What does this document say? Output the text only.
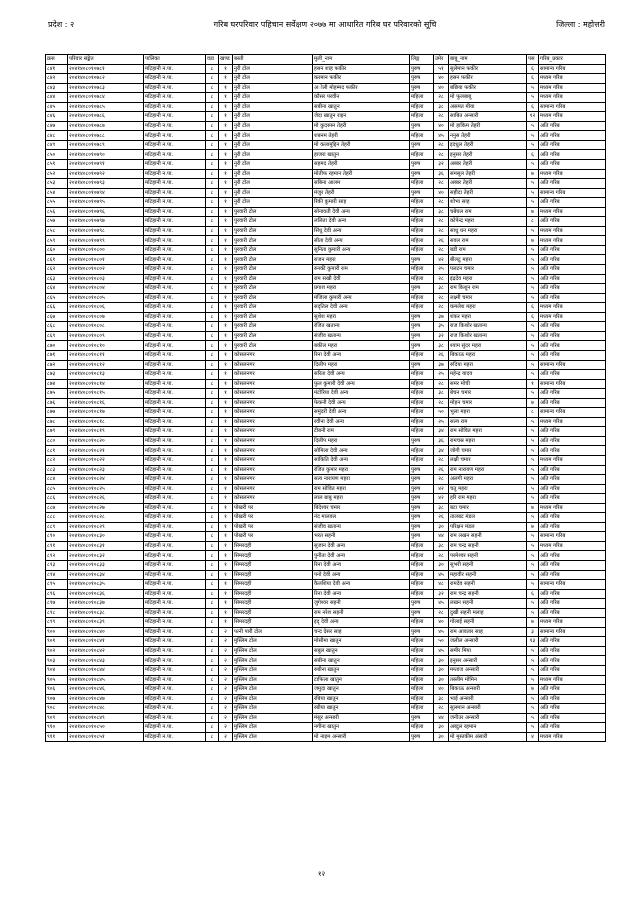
प्रदेश : २	गरिब घरपरिवार पहिचान सर्वेक्षण २०७७ मा आधारित गरिब घर परिवारको सूचि	जिल्ला : महोत्तरी
क्रस	परिवार संङ्केत	पालिका	वडा	खण्ड	बस्ती	मुली_नाम	लिङ्ग	उमेर	बाबु_नाम	पस	गरिब_प्रकार
८४१	२०४१४०८०१०७८१	मटिहानी न.पा.	८	१	नुरी टोल	हसन शाह फकीर	पुरुष	५१	सुलेमान फकीर	६	सामान्य गरिब
८४२	२०४१४०८०१०७८२	मटिहानी न.पा.	८	१	नुरी टोल	करमान फकीर	पुरुष	४०	हसन फकीर	६	मध्यम गरिब
८४३	२०४१४०८०१०७८३	मटिहानी न.पा.	८	१	नुरी टोल	अोली मोहम्मद फकीर	पुरुष	४०	बछिया फकीर	५	मध्यम गरिब
८४४	२०४१४०८०१०७८४	मटिहानी न.पा.	८	१	नुरी टोल	कौसर परवीन	महिला	२८	मो फूलबाबू	५	मध्यम गरिब
८४५	२०४१४०८०१०७८५	मटिहानी न.पा.	८	१	नुरी टोल	सबीना खातुन	महिला	३८	असमत मीया	६	सामान्य गरिब
८४६	२०४१४०८०१०७८६	मटिहानी न.पा.	८	१	नुरी टोल	जेदा खातुन राइन	महिला	२८	साबित अन्सारी	१२	मध्यम गरिब
८४७	२०४१४०८०१०७८७	मटिहानी न.पा.	८	१	नुरी टोल	मो कुदरुस्न तेहरी	पुरुष	४०	मो हाकिम तेहरी	५	अति गरिब
८४८	२०४१४०८०१०७८८	मटिहानी न.पा.	८	१	नुरी टोल	शबनम तेहरी	महिला	४५	ननुस तेहरी	५	अति गरिब
८४९	२०४१४०८०१०७८९	मटिहानी न.पा.	८	१	नुरी टोल	मो कलामुद्दिन तेहरी	पुरुष	२८	इदधुल तेहरी	५	अति गरिब
८५०	२०४१४०८०१०७९०	मटिहानी न.पा.	८	१	नुरी टोल	हाजरा खातुन	महिला	२८	इनुसर तेहरी	६	अति गरिब
८५१	२०४१४०८०१०७९१	मटिहानी न.पा.	८	१	नुरी टोल	सहमद तेहरी	पुरुष	३२	अब्बर तेहरी	५	अति गरिब
८५२	२०४१४०८०१०७९२	मटिहानी न.पा.	८	१	नुरी टोल	मोतीफ रहमान तेहरी	पुरुष	३६	समसूल तेहरी	७	मध्यम गरिब
८५३	२०४१४०८०१०७९३	मटिहानी न.पा.	८	१	नुरी टोल	सबिना आलम	महिला	२८	अब्बर तेहरी	५	अति गरिब
८५४	२०४१४०८०१०७९४	मटिहानी न.पा.	८	१	नुरी टोल	मंजुर तेहरी	पुरुष	४०	सहीदा तेहरी	५	सामान्य गरिब
८५५	२०४१४०८०१०७९५	मटिहानी न.पा.	८	१	नुरी टोल	रिंकी कुमारी साह	महिला	२८	शोभा साह	५	अति गरिब
८५६	२०४१४०८०१०७९६	मटिहानी न.पा.	८	१	पुरवारी टोल	सोनावती देवी अन्य	महिला	३८	चबेघल राम	७	मध्यम गरिब
८५७	२०४१४०८०१०७९७	मटिहानी न.पा.	८	१	पुरवारी टोल	ललिता देवी अन्य	महिला	२८	कोपेन्द्र महरा	८	अति गरिब
८५८	२०४१४०८०१०७९८	मटिहानी न.पा.	८	१	पुरवारी टोल	सिंधु देवी अन्य	महिला	२८	साधु धन महरा	५	मध्यम गरिब
८५९	२०४१४०८०१०७९९	मटिहानी न.पा.	८	१	पुरवारी टोल	सीता देवी अन्य	महिला	२६	सवल राम	७	मध्यम गरिब
८६०	२०४१४०८०१०८००	मटिहानी न.पा.	८	१	पुरवारी टोल	सुनिता कुमारी अन्य	महिला	२८	बडी राम	५	अति गरिब
८६१	२०४१४०८०१०८०१	मटिहानी न.पा.	८	१	पुरवारी टोल	राजन महरा	पुरुष	४२	बीलटु महरा	५	अति गरिब
८६२	२०४१४०८०१०८०२	मटिहानी न.पा.	८	१	पुरवारी टोल	रुनकी कुमारी राम	महिला	२५	पलटन चमार	५	अति गरिब
८६३	२०४१४०८०१०८०३	मटिहानी न.पा.	८	१	पुरवारी टोल	राम सखी देवी	महिला	२८	इंद्रदेव महरा	५	अति गरिब
८६४	२०४१४०८०१०८०४	मटिहानी न.पा.	८	१	पुरवारी टोल	प्रगाश महरा	पुरुष	३८	राम किशुन राम	५	अति गरिब
८६५	२०४१४०८०१०८०५	मटिहानी न.पा.	८	१	पुरवारी टोल	मंजिला कुमारी अन्य	महिला	२८	लक्ष्मी चमार	५	अति गरिब
८६६	२०४१४०८०१०८०६	मटिहानी न.पा.	८	१	पुरवारी टोल	सदृतिल देवी अन्य	महिला	२८	कमलेश महरा	६	मध्यम गरिब
८६७	२०४१४०८०१०८०७	मटिहानी न.पा.	८	१	पुरवारी टोल	सुशेश महरा	पुरुष	३७	शंकर महरा	६	मध्यम गरिब
८६८	२०४१४०८०१०८०८	मटिहानी न.पा.	८	१	पुरवारी टोल	रंजित खतान्य	पुरुष	३५	राज किशोर खतान्य	५	अति गरिब
८६९	२०४१४०८०१०८०९	मटिहानी न.पा.	८	१	पुरवारी टोल	संजीव खतान्य	पुरुष	३२	राज किशोर खतान्य	५	अति गरिब
८७०	२०४१४०८०१०८१०	मटिहानी न.पा.	८	१	पुरवारी टोल	बकील महरा	पुरुष	३८	श्याम सुंदर महरा	५	अति गरिब
८७१	२०४१४०८०१०८११	मटिहानी न.पा.	८	१	कोसलनगर	रिना देवी अन्य	महिला	२६	बिकाऊ महरा	५	अति गरिब
८७२	२०४१४०८०१०८१२	मटिहानी न.पा.	८	१	कोसलनगर	दिलीप महरा	पुरुष	३७	रुदिया महरा	५	सामान्य गरिब
८७३	२०४१४०८०१०८१३	मटिहानी न.पा.	८	१	कोसलनगर	सरिता देवी अन्य	महिला	२५	महेन्द्र यादव	५	अति गरिब
८७४	२०४१४०८०१०८१४	मटिहानी न.पा.	८	१	कोसलनगर	फुल कुमारी देवी अन्य	महिला	२८	समर मोची	१	सामान्य गरिब
८७५	२०४१४०८०१०८१५	मटिहानी न.पा.	८	१	कोसलनगर	मंटोरिया देवी अन्य	महिला	३८	बेचन चमार	५	अति गरिब
८७६	२०४१४०८०१०८१६	मटिहानी न.पा.	८	१	कोसलनगर	फेकनी देवी अन्य	महिला	२८	मोहन चमार	७	अति गरिब
८७७	२०४१४०८०१०८१७	मटिहानी न.पा.	८	१	कोसलनगर	समुंदरी देवी अन्य	महिला	५०	भुला महरा	८	सामान्य गरिब
८७८	२०४१४०८०१०८१८	मटिहानी न.पा.	८	१	कोसलनगर	रवीना देवी अन्य	महिला	२५	सल्य राम	५	मध्यम गरिब
८७९	२०४१४०८०१०८१९	मटिहानी न.पा.	८	१	कोसलनगर	टीबनी राम	महिला	३४	राम सोवित महरा	५	अति गरिब
८८०	२०४१४०८०१०८२०	मटिहानी न.पा.	८	१	कोसलनगर	दिलीप महरा	पुरुष	३६	रामचस्र महरा	५	अति गरिब
८८१	२०४१४०८०१०८२१	मटिहानी न.पा.	८	१	कोसलनगर	सोमिला देवी अन्य	महिला	३४	जोगी चमार	५	अति गरिब
८८२	२०४१४०८०१०८२२	मटिहानी न.पा.	८	१	कोसलनगर	सांकिति देवी अन्य	महिला	२८	लक्षी चमार	५	मध्यम गरिब
८८३	२०४१४०८०१०८२३	मटिहानी न.पा.	८	१	कोसलनगर	रंजित कुमार महरा	पुरुष	२६	राम नारायण महरा	५	अति गरिब
८८४	२०४१४०८०१०८२४	मटिहानी न.पा.	८	१	कोसलनगर	सत्य नारायण महरा	पुरुष	२८	अलगी महरा	५	अति गरिब
८८५	२०४१४०८०१०८२५	मटिहानी न.पा.	८	१	कोसलनगर	राम सोवित महरा	पुरुष	४२	चतु महरा	५	अति गरिब
८८६	२०४१४०८०१०८२६	मटिहानी न.पा.	८	१	कोसलनगर	लाल बाबु महरा	पुरुष	४२	हरि राम महरा	५	अति गरिब
८८७	२०४१४०८०१०८२७	मटिहानी न.पा.	८	१	पोखरी पर	बिंदेश्वर चमार	पुरुष	३८	बटा चमार	७	मध्यम गरिब
८८८	२०४१४०८०१०८२८	मटिहानी न.पा.	८	१	पोखरी पर	नंद मालवल	पुरुष	२६	तालबट मंडल	५	अति गरिब
८८९	२०४१४०८०१०८२९	मटिहानी न.पा.	८	१	पोखरी पर	संजीव खतान्य	पुरुष	३०	परिक्षन मंडल	७	अति गरिब
८९०	२०४१४०८०१०८३०	मटिहानी न.पा.	८	१	पोखरी पर	भरत सहनी	पुरुष	४४	राम लखन सहनी	५	सामान्य गरिब
८९१	२०४१४०८०१०८३१	मटिहानी न.पा.	८	१	सिमरदही	सुजान देवी अन्य	महिला	३८	राम चन्द्र सहनी	५	मध्यम गरिब
८९२	२०४१४०८०१०८३२	मटिहानी न.पा.	८	१	सिमरदही	पुनीता देवी अन्य	महिला	२८	परमेश्वर सहनी	५	अति गरिब
८९३	२०४१४०८०१०८३३	मटिहानी न.पा.	८	१	सिमरदही	रिना देवी अन्य	महिला	३०	सुभरी सहनी	५	अति गरिब
८९४	२०४१४०८०१०८३४	मटिहानी न.पा.	८	१	सिमरदही	पनो देवी अन्य	महिला	४५	महावीर सहनी	५	अति गरिब
८९५	२०४१४०८०१०८३५	मटिहानी न.पा.	८	१	सिमरदही	कैलशिया देवी अन्य	महिला	४८	रामदेव सहनी	५	सामान्य गरिब
८९६	२०४१४०८०१०८३६	मटिहानी न.पा.	८	१	सिमरदही	रिना देवी अन्य	महिला	३२	राम चन्द्र सहनी	६	अति गरिब
८९७	२०४१४०८०१०८३७	मटिहानी न.पा.	८	१	सिमरदही	जुगेश्वर सहनी	पुरुष	४५	लखन सहनी	५	अति गरिब
८९८	२०४१४०८०१०८३८	मटिहानी न.पा.	८	१	सिमरदही	राम नरेश सहनी	पुरुष	२८	दुखी सहनी मलाह	५	अति गरिब
८९९	२०४१४०८०१०८३९	मटिहानी न.पा.	८	१	सिमरदही	इदृ देवी अन्य	महिला	४०	गोलाई सहनी	७	मध्यम गरिब
९००	२०४१४०८०१०८४०	मटिहानी न.पा.	८	२	पत्नी पारी टोल	चन्द देसर साह	पुरुष	४५	राम आवतार साह	३	सामान्य गरिब
९०१	२०४१४०८०१०८४१	मटिहानी न.पा.	८	२	मुस्लिम टोल	मोसीमा खातुन	महिला	५०	जलील अन्सारी	१३	अति गरिब
९०२	२०४१४०८०१०८४२	मटिहानी न.पा.	८	२	मुस्लिम टोल	सबुल खातुन	महिला	४५	समीर मिया	५	अति गरिब
९०३	२०४१४०८०१०८४३	मटिहानी न.पा.	८	२	मुस्लिम टोल	संबीना खातुन	महिला	३०	इनुसर अन्सारी	५	अति गरिब
९०४	२०४१४०८०१०८४४	मटिहानी न.पा.	८	२	मुस्लिम टोल	रुबीना खातुन	महिला	३०	मम्ताज अन्सारी	५	अति गरिब
९०५	२०४१४०८०१०८४५	मटिहानी न.पा.	८	२	मुस्लिम टोल	टाफिला खातुन	महिला	३०	तस्लीम मोमिन	५	मध्यम गरिब
९०६	२०४१४०८०१०८४६	मटिहानी न.पा.	८	२	मुस्लिम टोल	जमुदा खातुन	महिला	४०	बिकाऊ अन्सारी	७	अति गरिब
९०७	२०४१४०८०१०८४७	मटिहानी न.पा.	८	२	मुस्लिम टोल	रबिया खातुन	महिला	३८	भाई अन्सारी	५	अति गरिब
९०८	२०४१४०८०१०८४८	मटिहानी न.पा.	८	२	मुस्लिम टोल	रबीया खातुन	महिला	२८	सुलमान अन्सारी	५	अति गरिब
९०९	२०४१४०८०१०८४९	मटिहानी न.पा.	८	२	मुस्लिम टोल	मंसुर अन्सारी	पुरुष	४४	जनीउर अन्सारी	५	अति गरिब
९१०	२०४१४०८०१०८५०	मटिहानी न.पा.	८	२	मुस्लिम टोल	नगीना खातुन	महिला	३०	अब्दुल रहमान	५	अति गरिब
९११	२०४१४०८०१०८५१	मटिहानी न.पा.	८	२	मुस्लिम टोल	मो नाइम अन्सारी	पुरुष	३०	मो मुस्तकीम अंसारी	४	मध्यम गरिब
१२
